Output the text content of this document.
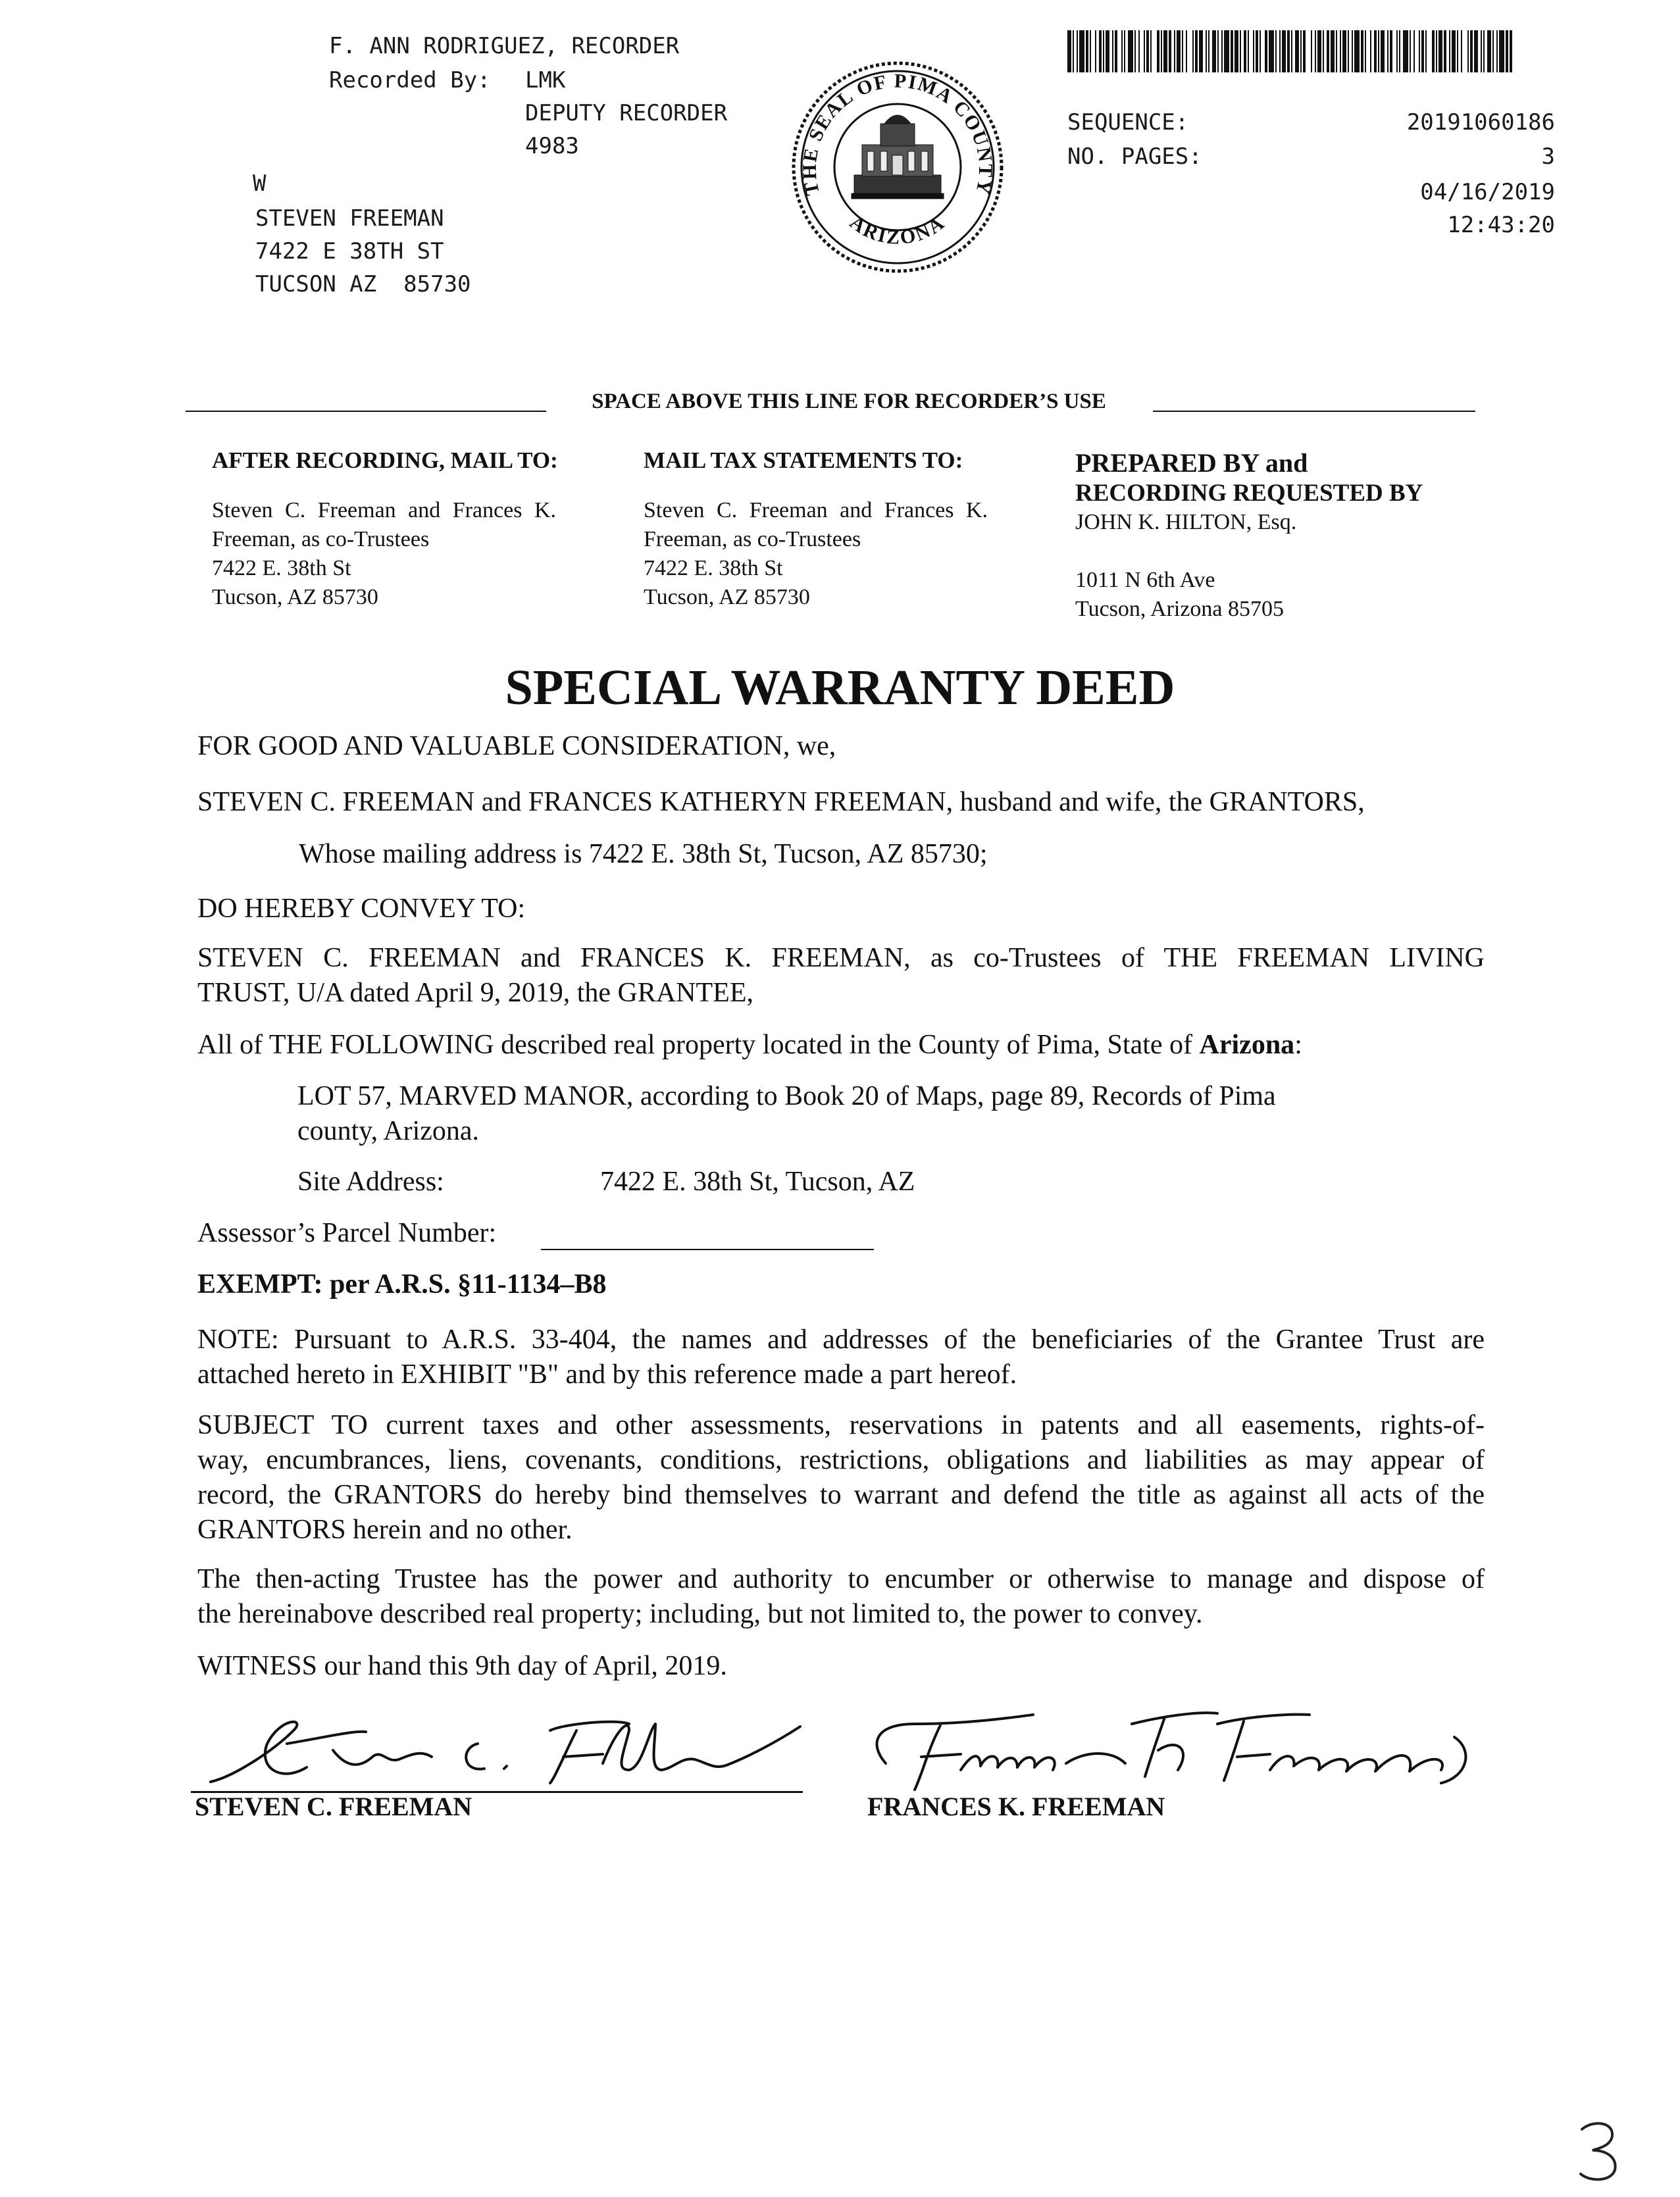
F. ANN RODRIGUEZ, RECORDER
Recorded By: LMK
DEPUTY RECORDER
4983
W
STEVEN FREEMAN
7422 E 38TH ST
TUCSON AZ  85730
THE SEAL OF PIMA COUNTY
ARIZONA
SEQUENCE:	20191060186
NO. PAGES:	3
04/16/2019
12:43:20
SPACE ABOVE THIS LINE FOR RECORDER’S USE
AFTER RECORDING, MAIL TO:
Steven C. Freeman and Frances K.
Freeman, as co-Trustees
7422 E. 38th St
Tucson, AZ 85730
MAIL TAX STATEMENTS TO:
Steven C. Freeman and Frances K.
Freeman, as co-Trustees
7422 E. 38th St
Tucson, AZ 85730
PREPARED BY and
RECORDING REQUESTED BY
JOHN K. HILTON, Esq.
1011 N 6th Ave
Tucson, Arizona 85705
SPECIAL WARRANTY DEED
FOR GOOD AND VALUABLE CONSIDERATION, we,
STEVEN C. FREEMAN and FRANCES KATHERYN FREEMAN, husband and wife, the GRANTORS,
Whose mailing address is 7422 E. 38th St, Tucson, AZ 85730;
DO HEREBY CONVEY TO:
STEVEN C. FREEMAN and FRANCES K. FREEMAN, as co-Trustees of THE FREEMAN LIVING
TRUST, U/A dated April 9, 2019, the GRANTEE,
All of THE FOLLOWING described real property located in the County of Pima, State of Arizona:
LOT 57, MARVED MANOR, according to Book 20 of Maps, page 89, Records of Pima
county, Arizona.
Site Address:	7422 E. 38th St, Tucson, AZ
Assessor’s Parcel Number:
EXEMPT: per A.R.S. §11-1134–B8
NOTE: Pursuant to A.R.S. 33-404, the names and addresses of the beneficiaries of the Grantee Trust are
attached hereto in EXHIBIT "B" and by this reference made a part hereof.
SUBJECT TO current taxes and other assessments, reservations in patents and all easements, rights-of-
way, encumbrances, liens, covenants, conditions, restrictions, obligations and liabilities as may appear of
record, the GRANTORS do hereby bind themselves to warrant and defend the title as against all acts of the
GRANTORS herein and no other.
The then-acting Trustee has the power and authority to encumber or otherwise to manage and dispose of
the hereinabove described real property; including, but not limited to, the power to convey.
WITNESS our hand this 9th day of April, 2019.
STEVEN C. FREEMAN	FRANCES K. FREEMAN
